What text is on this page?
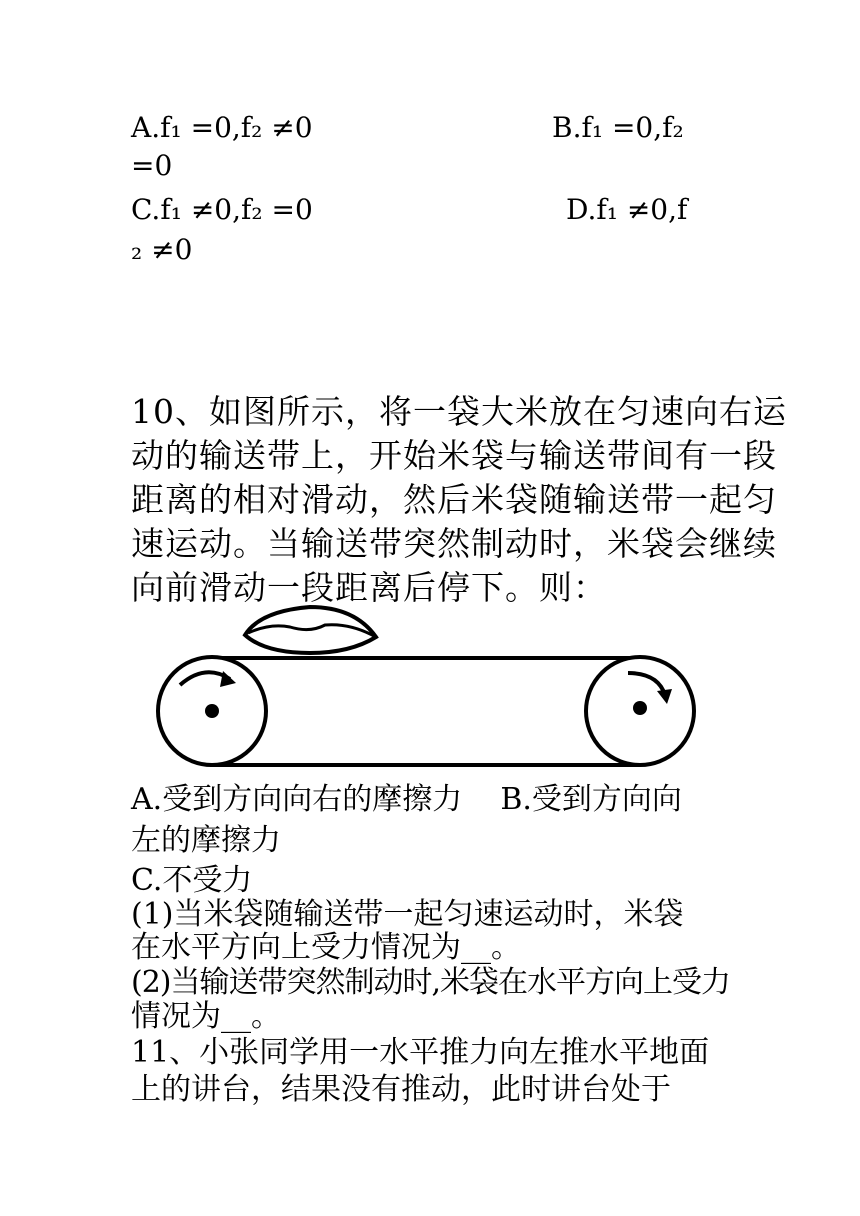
A.f₁ =0,f₂ ≠0	B.f₁ =0,f₂
=0
C.f₁ ≠0,f₂ =0	D.f₁ ≠0,f
₂ ≠0
10、如图所示，将一袋大米放在匀速向右运
动的输送带上，开始米袋与输送带间有一段
距离的相对滑动，然后米袋随输送带一起匀
速运动。当输送带突然制动时，米袋会继续
向前滑动一段距离后停下。则：
A.受到方向向右的摩擦力    B.受到方向向
左的摩擦力
C.不受力
(1)当米袋随输送带一起匀速运动时，米袋
在水平方向上受力情况为__。
(2)当输送带突然制动时,米袋在水平方向上受力
情况为__。
11、小张同学用一水平推力向左推水平地面
上的讲台，结果没有推动，此时讲台处于
